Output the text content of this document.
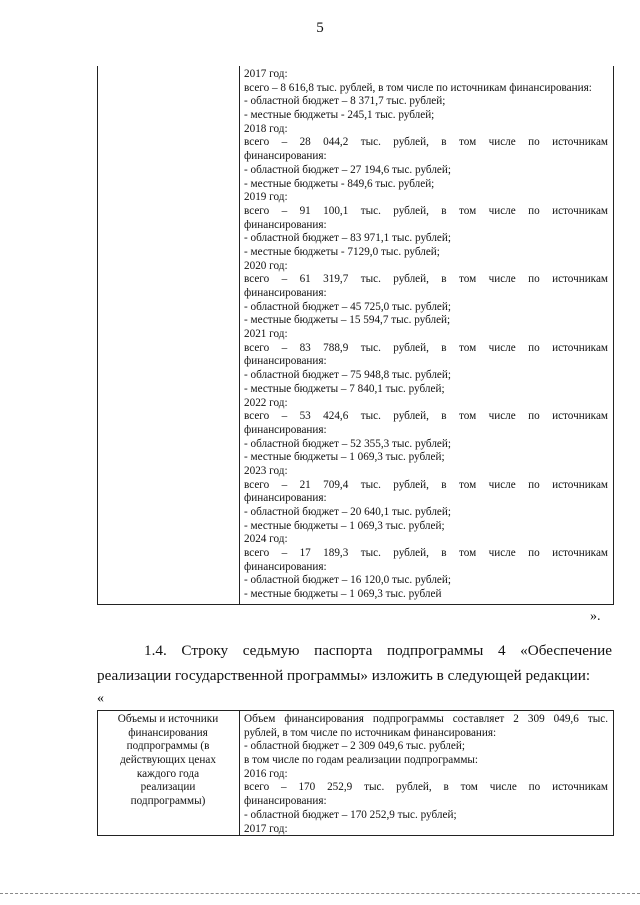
5
2017 год:
всего – 8 616,8 тыс. рублей, в том числе по источникам финансирования:
- областной бюджет – 8 371,7 тыс. рублей;
- местные бюджеты - 245,1 тыс. рублей;
2018 год:
всего – 28 044,2 тыс. рублей, в том числе по источникам
финансирования:
- областной бюджет – 27 194,6 тыс. рублей;
- местные бюджеты - 849,6 тыс. рублей;
2019 год:
всего – 91 100,1 тыс. рублей, в том числе по источникам
финансирования:
- областной бюджет – 83 971,1 тыс. рублей;
- местные бюджеты - 7129,0 тыс. рублей;
2020 год:
всего – 61 319,7 тыс. рублей, в том числе по источникам
финансирования:
- областной бюджет – 45 725,0 тыс. рублей;
- местные бюджеты – 15 594,7 тыс. рублей;
2021 год:
всего – 83 788,9 тыс. рублей, в том числе по источникам
финансирования:
- областной бюджет – 75 948,8 тыс. рублей;
- местные бюджеты – 7 840,1 тыс. рублей;
2022 год:
всего – 53 424,6 тыс. рублей, в том числе по источникам
финансирования:
- областной бюджет – 52 355,3 тыс. рублей;
- местные бюджеты – 1 069,3 тыс. рублей;
2023 год:
всего – 21 709,4 тыс. рублей, в том числе по источникам
финансирования:
- областной бюджет – 20 640,1 тыс. рублей;
- местные бюджеты – 1 069,3 тыс. рублей;
2024 год:
всего – 17 189,3 тыс. рублей, в том числе по источникам
финансирования:
- областной бюджет – 16 120,0 тыс. рублей;
- местные бюджеты – 1 069,3 тыс. рублей
».
1.4. Строку седьмую паспорта подпрограммы 4 «Обеспечение
реализации государственной программы» изложить в следующей редакции:
«
Объемы и источники
финансирования
подпрограммы (в
действующих ценах
каждого года
реализации
подпрограммы)
Объем финансирования подпрограммы составляет 2 309 049,6 тыс.
рублей, в том числе по источникам финансирования:
- областной бюджет – 2 309 049,6 тыс. рублей;
в том числе по годам реализации подпрограммы:
2016 год:
всего – 170 252,9 тыс. рублей, в том числе по источникам
финансирования:
- областной бюджет – 170 252,9 тыс. рублей;
2017 год:
